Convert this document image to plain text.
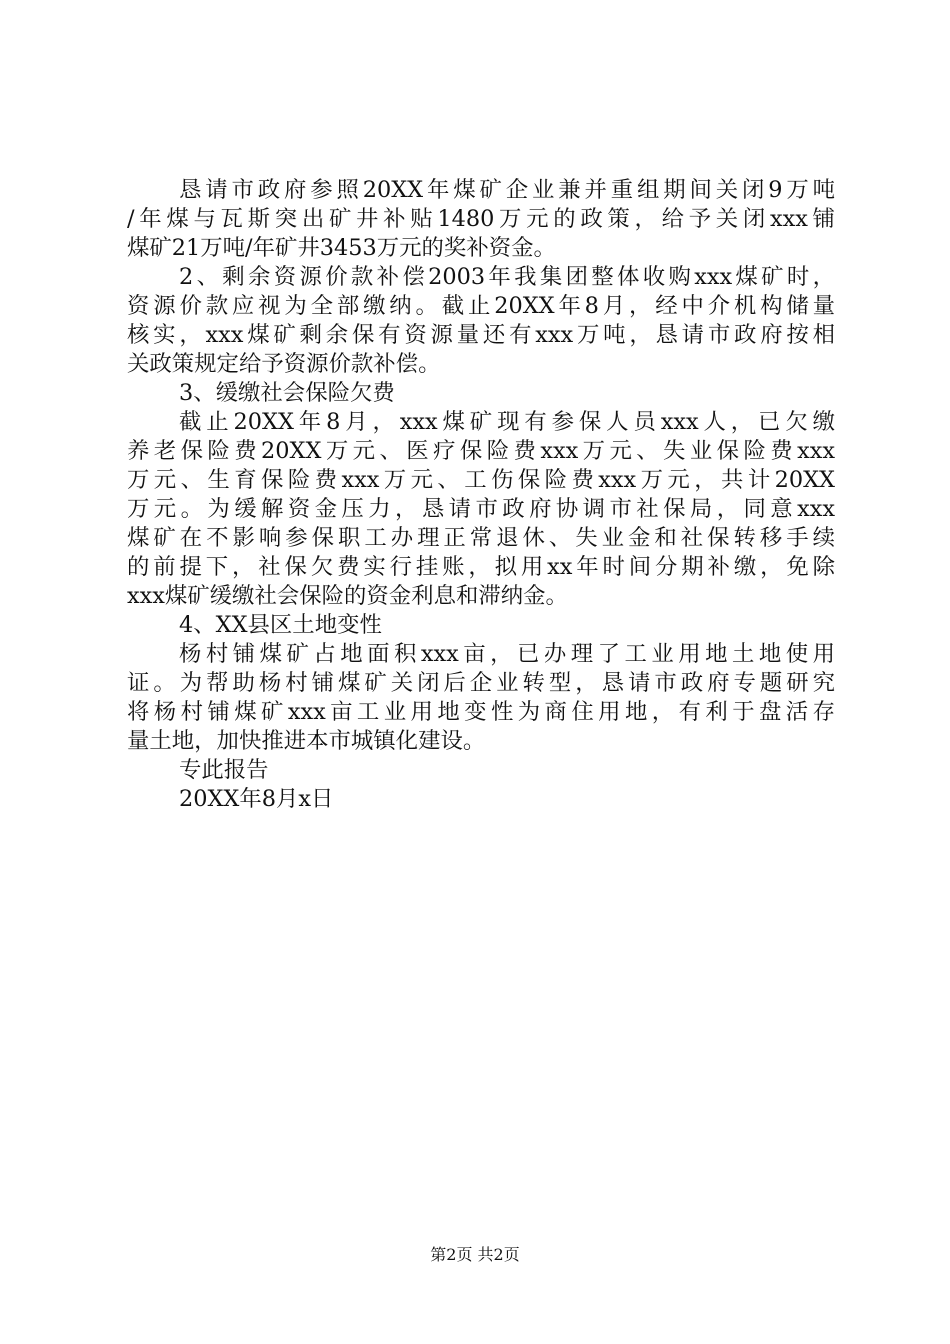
恳请市政府参照20XX年煤矿企业兼并重组期间关闭9万吨
/年煤与瓦斯突出矿井补贴1480万元的政策，给予关闭xxx铺
煤矿21万吨/年矿井3453万元的奖补资金。
2、剩余资源价款补偿2003年我集团整体收购xxx煤矿时，
资源价款应视为全部缴纳。截止20XX年8月，经中介机构储量
核实，xxx煤矿剩余保有资源量还有xxx万吨，恳请市政府按相
关政策规定给予资源价款补偿。
3、缓缴社会保险欠费
截止20XX年8月，xxx煤矿现有参保人员xxx人，已欠缴
养老保险费20XX万元、医疗保险费xxx万元、失业保险费xxx
万元、生育保险费xxx万元、工伤保险费xxx万元，共计20XX
万元。为缓解资金压力，恳请市政府协调市社保局，同意xxx
煤矿在不影响参保职工办理正常退休、失业金和社保转移手续
的前提下，社保欠费实行挂账，拟用xx年时间分期补缴，免除
xxx煤矿缓缴社会保险的资金利息和滞纳金。
4、XX县区土地变性
杨村铺煤矿占地面积xxx亩，已办理了工业用地土地使用
证。为帮助杨村铺煤矿关闭后企业转型，恳请市政府专题研究
将杨村铺煤矿xxx亩工业用地变性为商住用地，有利于盘活存
量土地，加快推进本市城镇化建设。
专此报告
20XX年8月x日
第2页 共2页
